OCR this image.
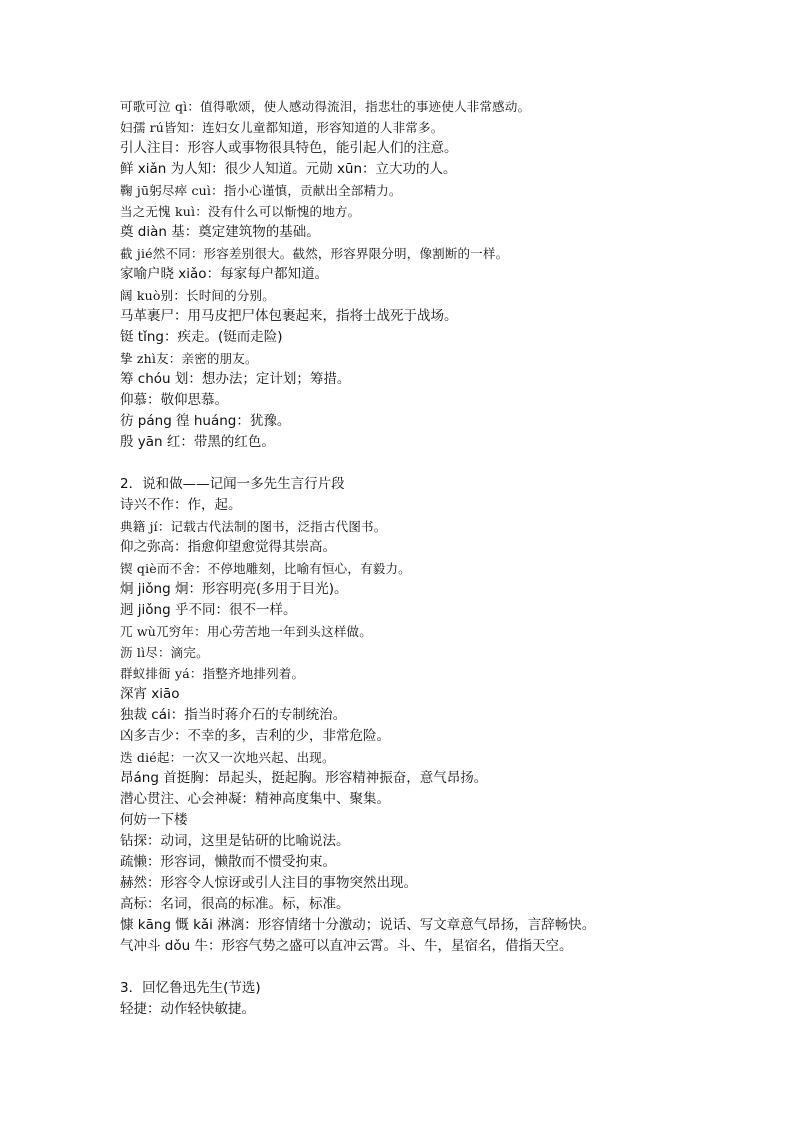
可歌可泣 qì：值得歌颂，使人感动得流泪，指悲壮的事迹使人非常感动。
妇孺 rú皆知：连妇女儿童都知道，形容知道的人非常多。
引人注目：形容人或事物很具特色，能引起人们的注意。
鲜 xiǎn 为人知：很少人知道。元勋 xūn：立大功的人。
鞠 jū躬尽瘁 cuì：指小心谨慎，贡献出全部精力。
当之无愧 kuì：没有什么可以惭愧的地方。
奠 diàn 基：奠定建筑物的基础。
截 jié然不同：形容差别很大。截然，形容界限分明，像割断的一样。
家喻户晓 xiǎo：每家每户都知道。
阔 kuò别：长时间的分别。
马革裹尸：用马皮把尸体包裹起来，指将士战死于战场。
铤 tǐng：疾走。(铤而走险)
挚 zhì友：亲密的朋友。
筹 chóu 划：想办法；定计划；筹措。
仰慕：敬仰思慕。
彷 páng 徨 huáng：犹豫。
殷 yān 红：带黑的红色。
2．说和做——记闻一多先生言行片段
诗兴不作：作，起。
典籍 jí：记载古代法制的图书，泛指古代图书。
仰之弥高：指愈仰望愈觉得其崇高。
锲 qiè而不舍：不停地雕刻，比喻有恒心，有毅力。
炯 jiǒng 炯：形容明亮(多用于目光)。
迥 jiǒng 乎不同：很不一样。
兀 wù兀穷年：用心劳苦地一年到头这样做。
沥 lì尽：滴完。
群蚁排衙 yá：指整齐地排列着。
深宵 xiāo
独裁 cái：指当时蒋介石的专制统治。
凶多吉少：不幸的多，吉利的少，非常危险。
迭 dié起：一次又一次地兴起、出现。
昂áng 首挺胸：昂起头，挺起胸。形容精神振奋，意气昂扬。
潜心贯注、心会神凝：精神高度集中、聚集。
何妨一下楼
钻探：动词，这里是钻研的比喻说法。
疏懒：形容词，懒散而不惯受拘束。
赫然：形容令人惊讶或引人注目的事物突然出现。
高标：名词，很高的标准。标，标准。
慷 kāng 慨 kǎi 淋漓：形容情绪十分激动；说话、写文章意气昂扬，言辞畅快。
气冲斗 dǒu 牛：形容气势之盛可以直冲云霄。斗、牛，星宿名，借指天空。
3．回忆鲁迅先生(节选)
轻捷：动作轻快敏捷。
